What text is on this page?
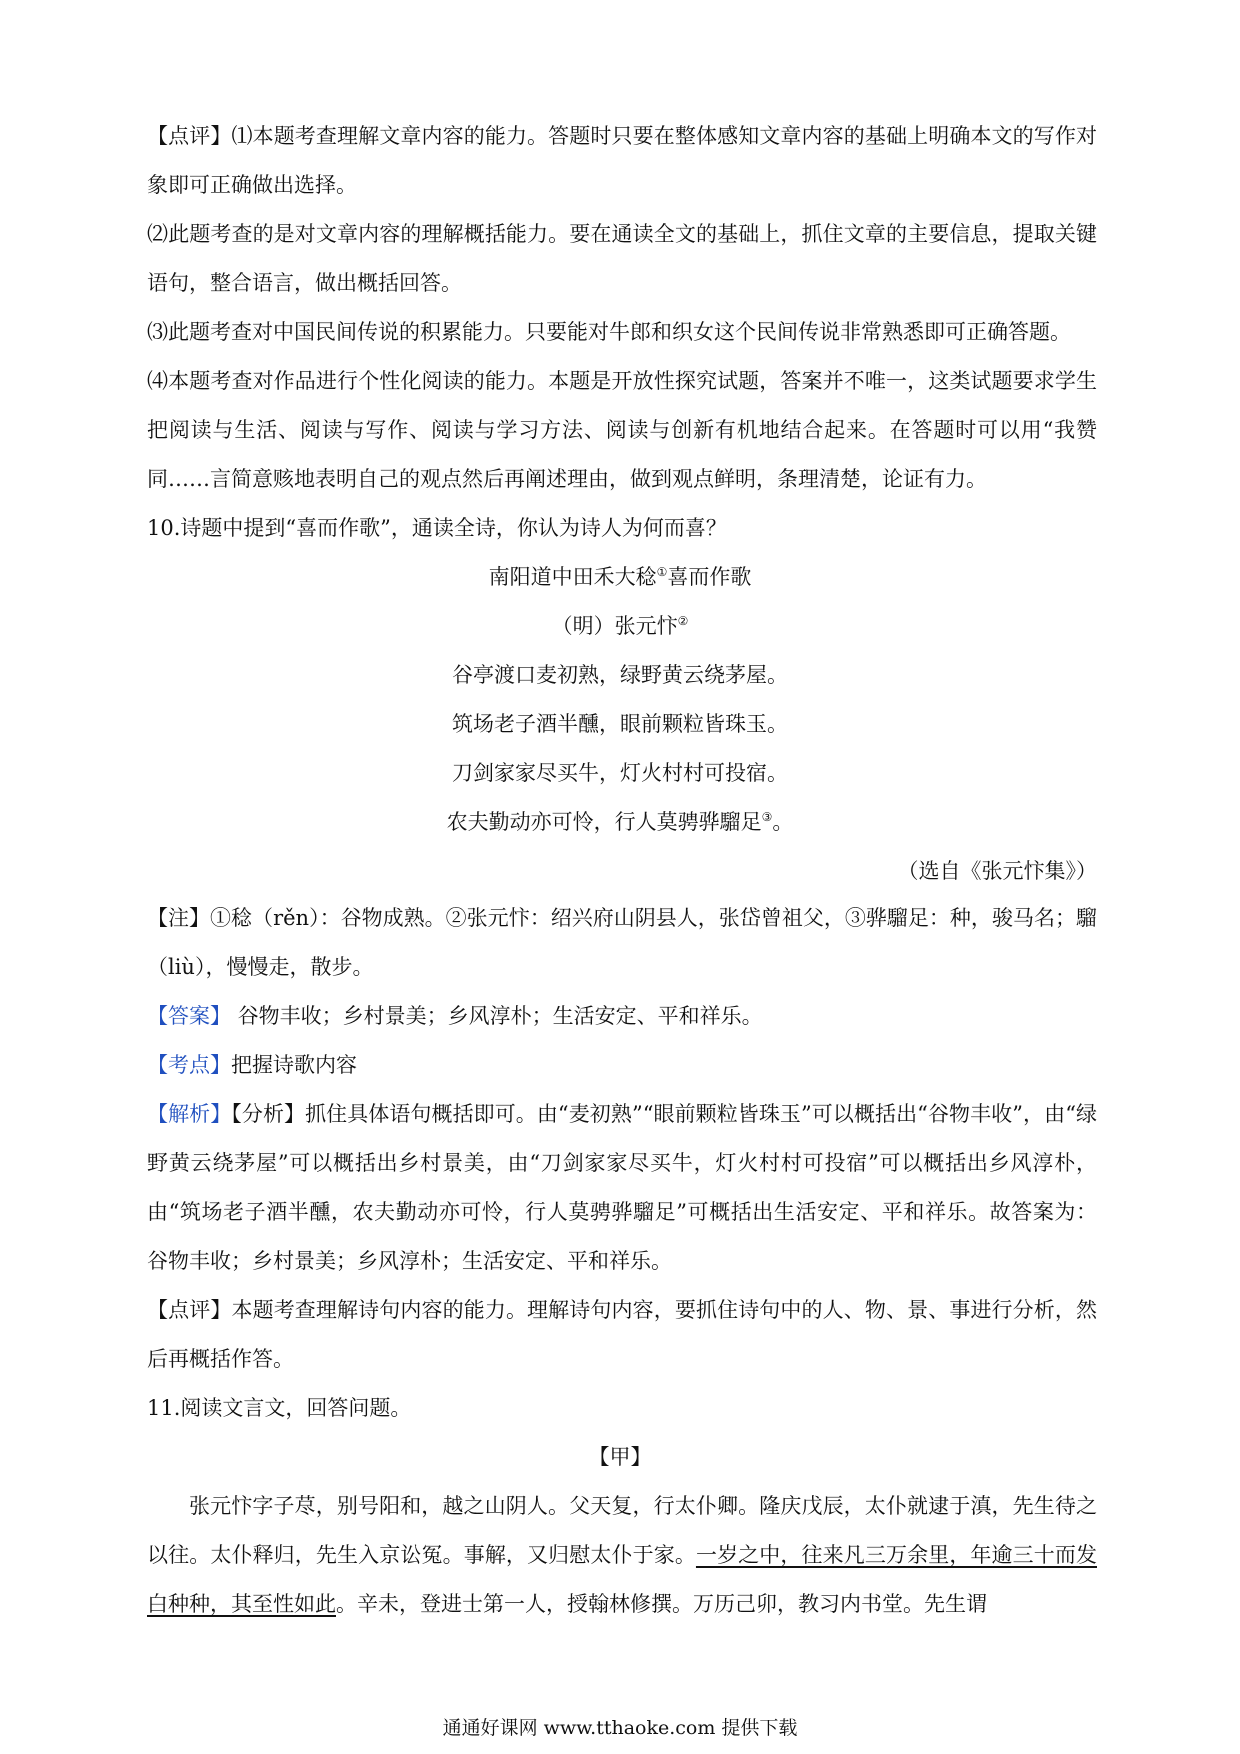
【点评】⑴本题考查理解文章内容的能力。答题时只要在整体感知文章内容的基础上明确本文的写作对象即可正确做出选择。

⑵此题考查的是对文章内容的理解概括能力。要在通读全文的基础上，抓住文章的主要信息，提取关键语句，整合语言，做出概括回答。

⑶此题考查对中国民间传说的积累能力。只要能对牛郎和织女这个民间传说非常熟悉即可正确答题。

⑷本题考查对作品进行个性化阅读的能力。本题是开放性探究试题，答案并不唯一，这类试题要求学生把阅读与生活、阅读与写作、阅读与学习方法、阅读与创新有机地结合起来。在答题时可以用“我赞同……言简意赅地表明自己的观点然后再阐述理由，做到观点鲜明，条理清楚，论证有力。

10.诗题中提到“喜而作歌”，通读全诗，你认为诗人为何而喜？

南阳道中田禾大稔①喜而作歌

（明）张元忭②

谷亭渡口麦初熟，绿野黄云绕茅屋。

筑场老子酒半醺，眼前颗粒皆珠玉。

刀剑家家尽买牛，灯火村村可投宿。

农夫勤动亦可怜，行人莫骋骅騮足③。

（选自《张元忭集》）

【注】①稔（rěn）：谷物成熟。②张元忭：绍兴府山阴县人，张岱曾祖父，③骅騮足：种，骏马名；騮（liù），慢慢走，散步。

【答案】 谷物丰收；乡村景美；乡风淳朴；生活安定、平和祥乐。

【考点】把握诗歌内容

【解析】【分析】抓住具体语句概括即可。由“麦初熟”“眼前颗粒皆珠玉”可以概括出“谷物丰收”，由“绿野黄云绕茅屋”可以概括出乡村景美，由“刀剑家家尽买牛，灯火村村可投宿”可以概括出乡风淳朴，由“筑场老子酒半醺，农夫勤动亦可怜，行人莫骋骅騮足”可概括出生活安定、平和祥乐。故答案为： 谷物丰收；乡村景美；乡风淳朴；生活安定、平和祥乐。

【点评】本题考查理解诗句内容的能力。理解诗句内容，要抓住诗句中的人、物、景、事进行分析，然后再概括作答。

11.阅读文言文，回答问题。

【甲】

张元忭字子荩，别号阳和，越之山阴人。父天复，行太仆卿。隆庆戊辰，太仆就逮于滇，先生待之以往。太仆释归，先生入京讼冤。事解，又归慰太仆于家。一岁之中，往来凡三万余里，年逾三十而发白种种，其至性如此。辛未，登进士第一人，授翰林修撰。万历己卯，教习内书堂。先生谓

通通好课网 www.tthaoke.com 提供下载
